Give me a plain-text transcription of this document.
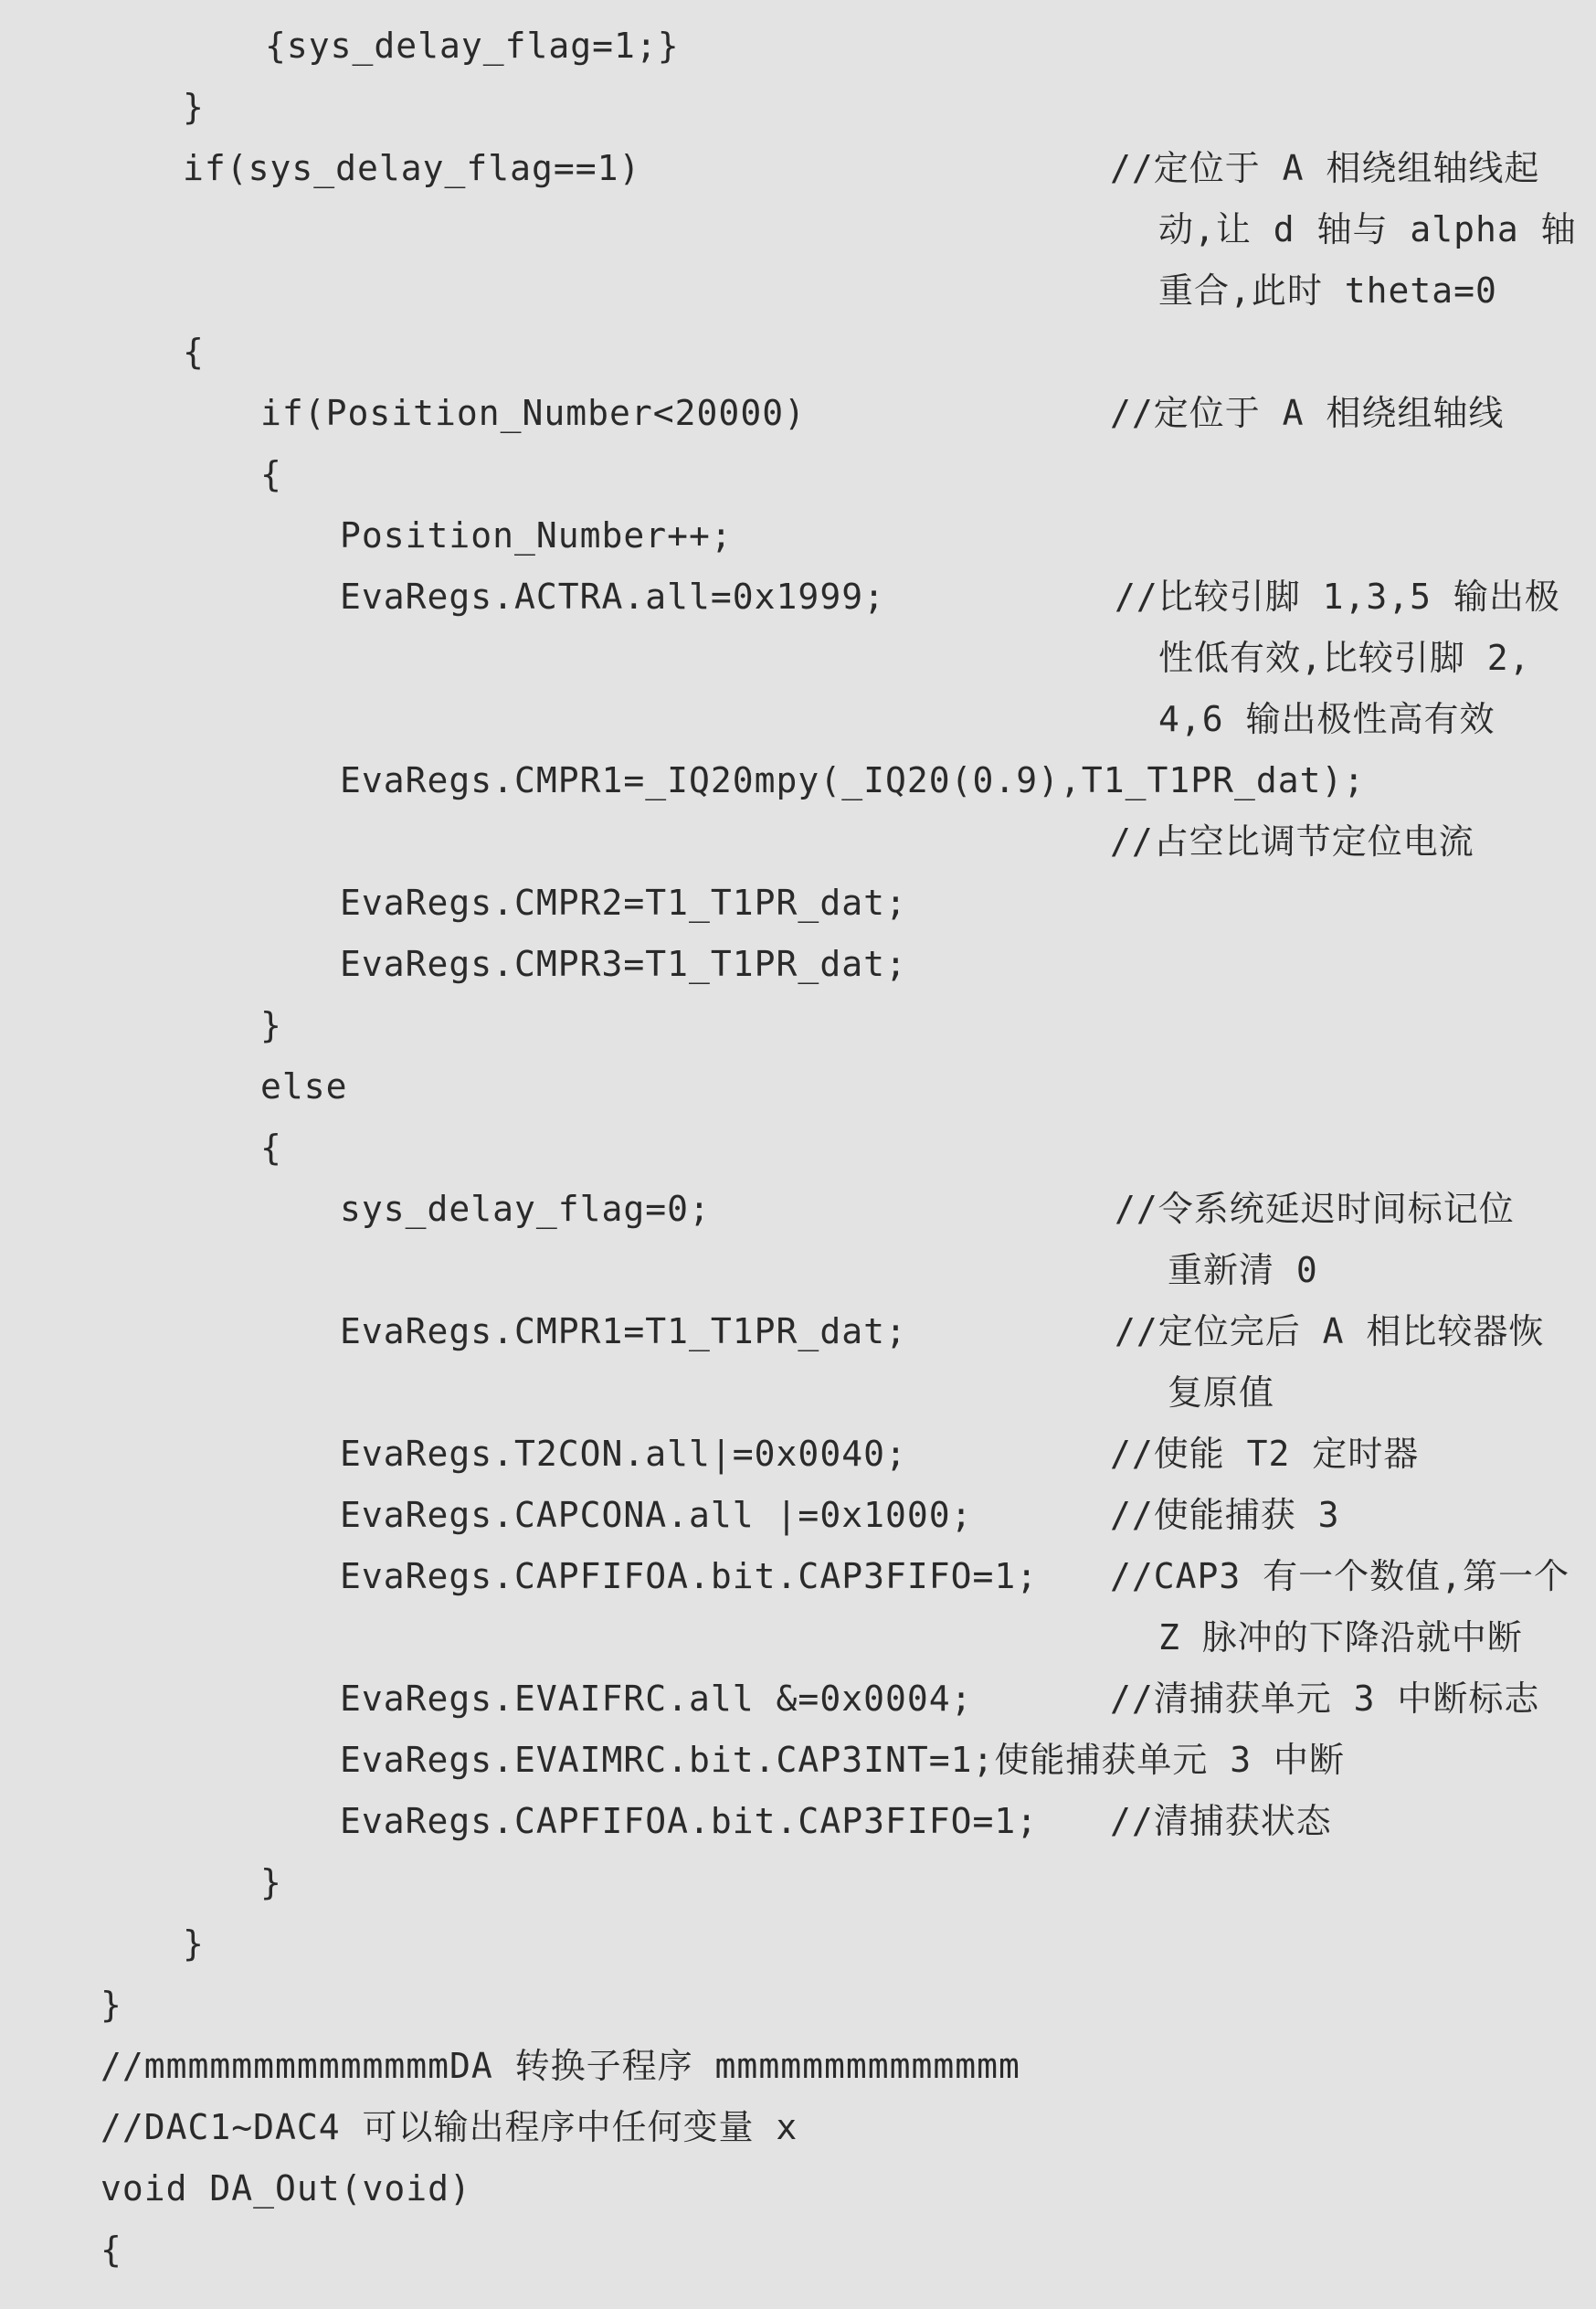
{sys_delay_flag=1;}
}
if(sys_delay_flag==1)	//定位于 A 相绕组轴线起
动,让 d 轴与 alpha 轴
重合,此时 theta=0
{
if(Position_Number<20000)	//定位于 A 相绕组轴线
{
Position_Number++;
EvaRegs.ACTRA.all=0x1999;	//比较引脚 1,3,5 输出极
性低有效,比较引脚 2,
4,6 输出极性高有效
EvaRegs.CMPR1=_IQ20mpy(_IQ20(0.9),T1_T1PR_dat);
//占空比调节定位电流
EvaRegs.CMPR2=T1_T1PR_dat;
EvaRegs.CMPR3=T1_T1PR_dat;
}
else
{
sys_delay_flag=0;	//令系统延迟时间标记位
重新清 0
EvaRegs.CMPR1=T1_T1PR_dat;	//定位完后 A 相比较器恢
复原值
EvaRegs.T2CON.all|=0x0040;	//使能 T2 定时器
EvaRegs.CAPCONA.all |=0x1000;	//使能捕获 3
EvaRegs.CAPFIFOA.bit.CAP3FIFO=1; //CAP3 有一个数值,第一个
Z 脉冲的下降沿就中断
EvaRegs.EVAIFRC.all &=0x0004;	//清捕获单元 3 中断标志
EvaRegs.EVAIMRC.bit.CAP3INT=1;使能捕获单元 3 中断
EvaRegs.CAPFIFOA.bit.CAP3FIFO=1; //清捕获状态
}
}
}
//mmmmmmmmmmmmmmDA 转换子程序 mmmmmmmmmmmmmm
//DAC1~DAC4 可以输出程序中任何变量 x
void DA_Out(void)
{
